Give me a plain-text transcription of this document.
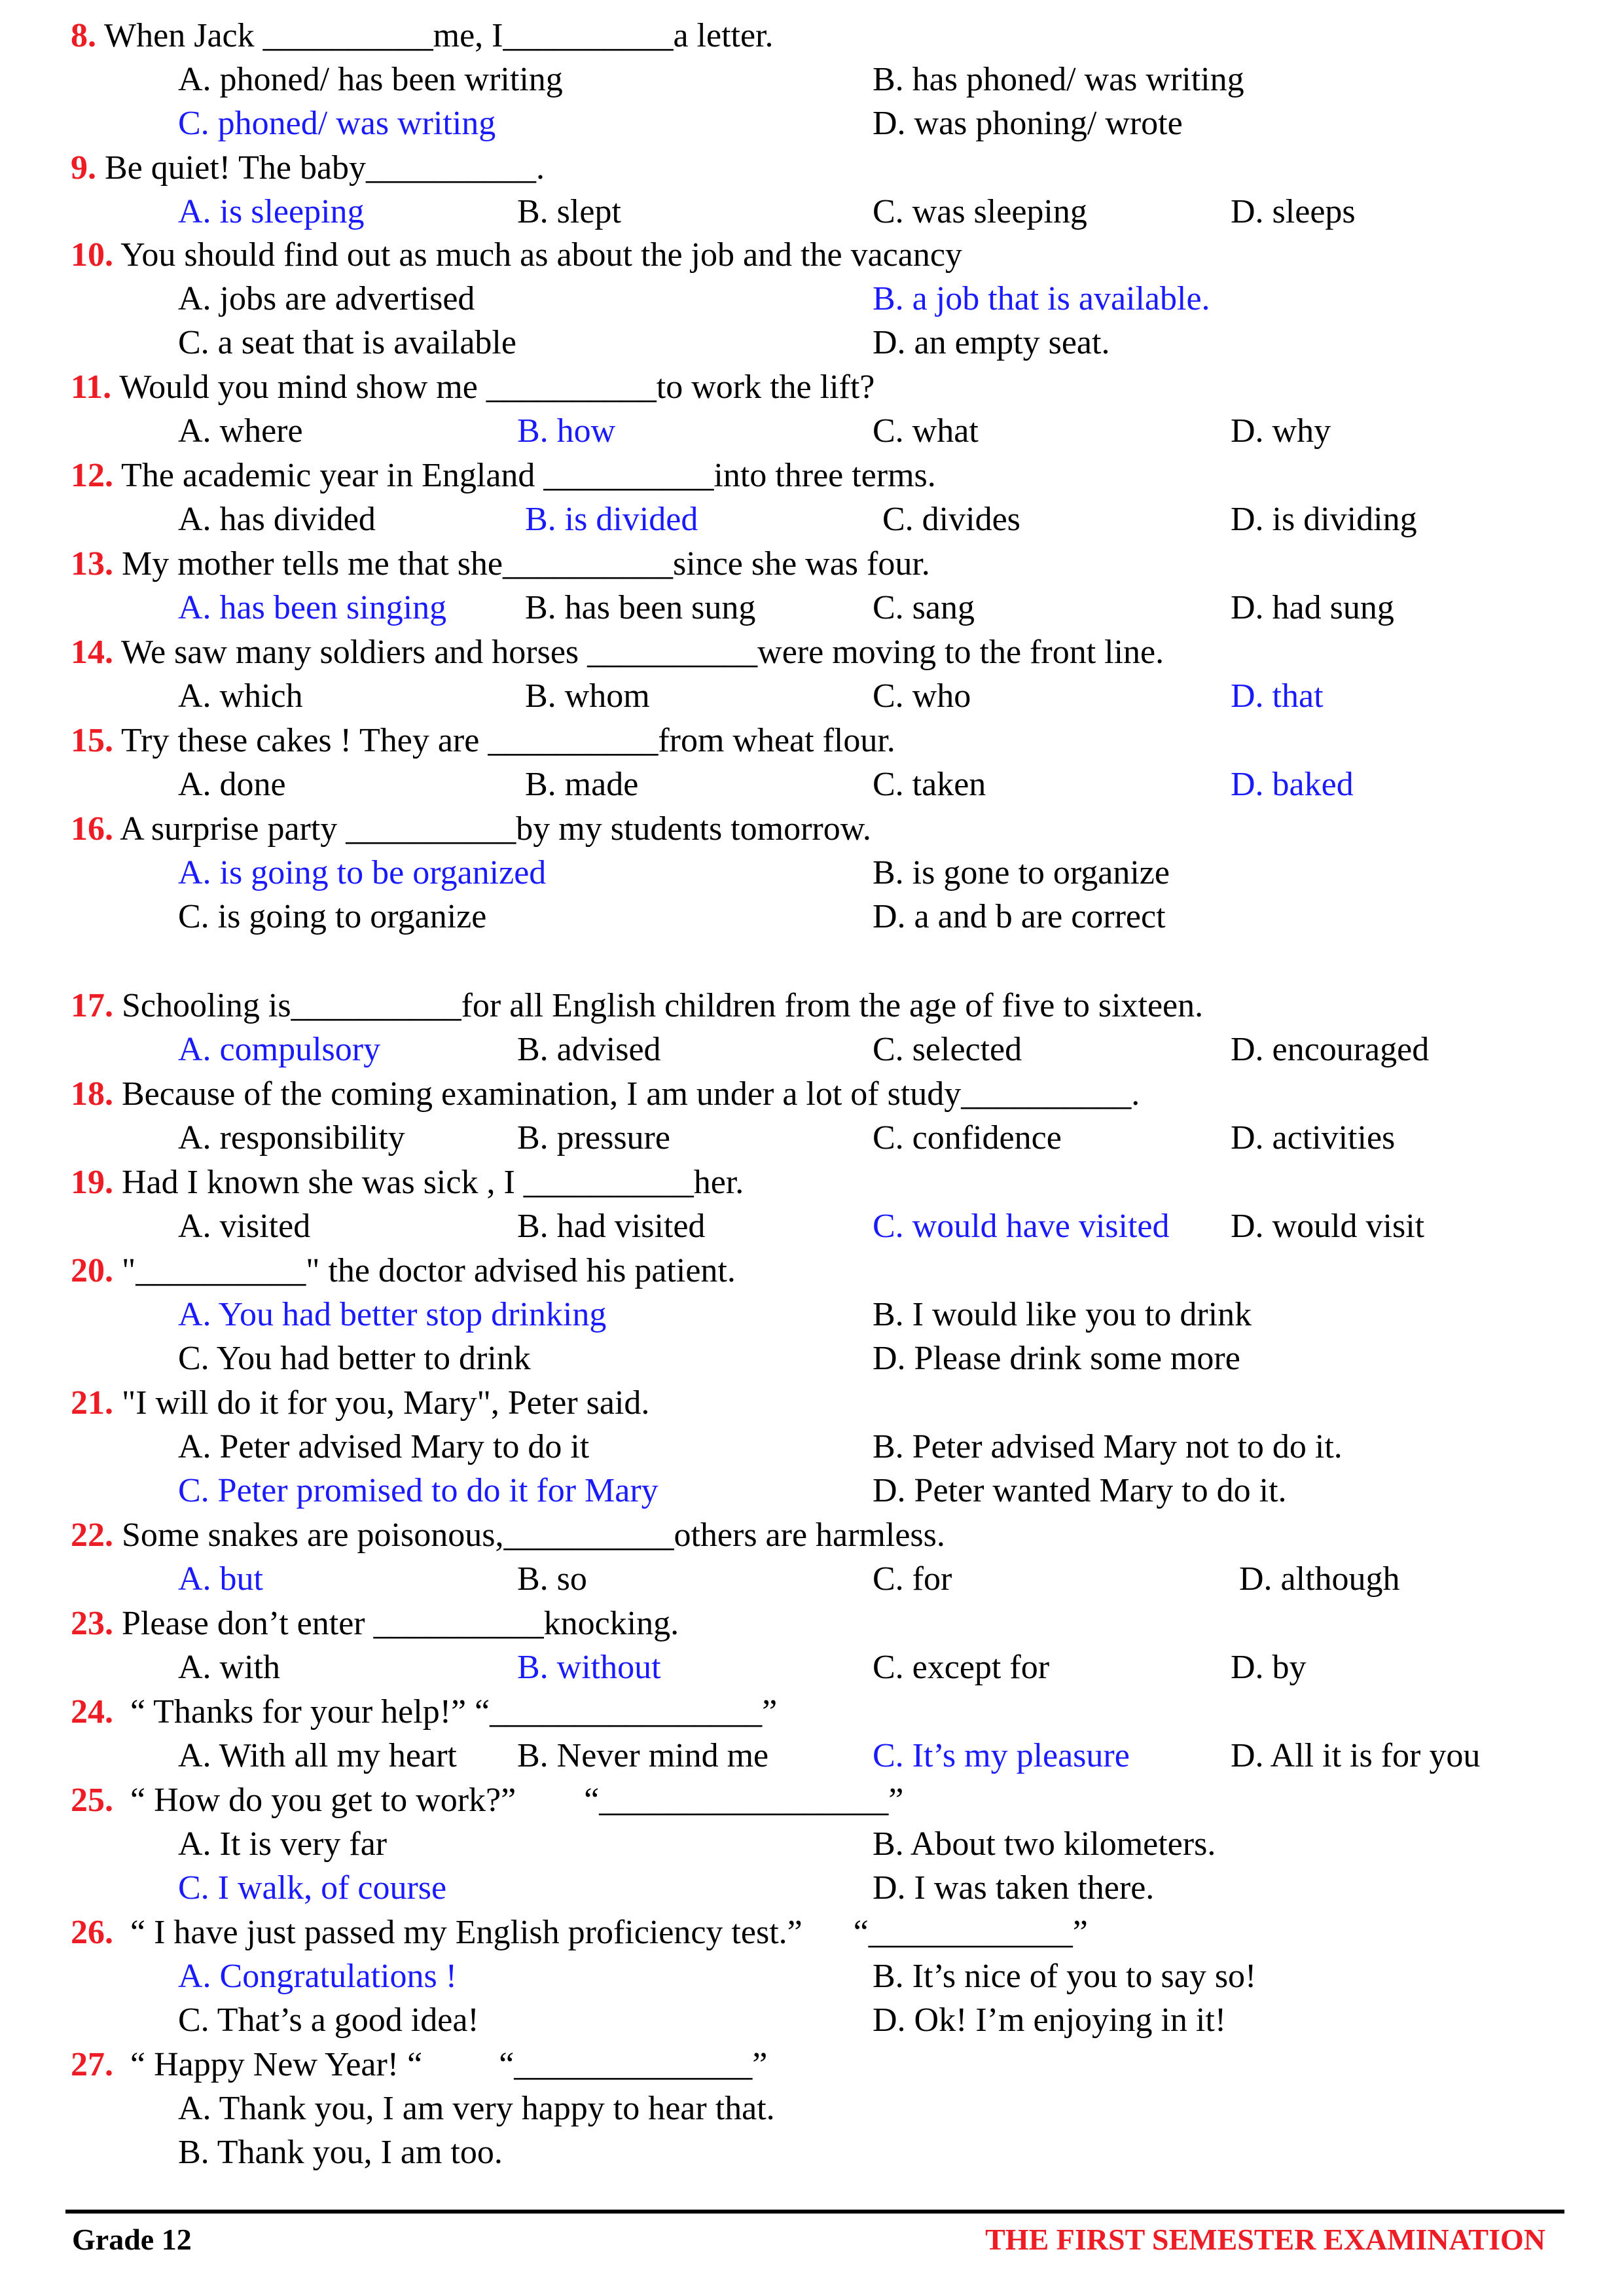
8. When Jack __________me, I__________a letter.
A. phoned/ has been writing	B. has phoned/ was writing
C. phoned/ was writing	D. was phoning/ wrote
9. Be quiet! The baby__________.
A. is sleeping	B. slept	C. was sleeping	D. sleeps
10. You should find out as much as about the job and the vacancy
A. jobs are advertised	B. a job that is available.
C. a seat that is available	D. an empty seat.
11. Would you mind show me __________to work the lift?
A. where	B. how	C. what	D. why
12. The academic year in England __________into three terms.
A. has divided	B. is divided	C. divides	D. is dividing
13. My mother tells me that she__________since she was four.
A. has been singing B. has been sung	C. sang	D. had sung
14. We saw many soldiers and horses __________were moving to the front line.
A. which	B. whom	C. who	D. that
15. Try these cakes ! They are __________from wheat flour.
A. done	B. made	C. taken	D. baked
16. A surprise party __________by my students tomorrow.
A. is going to be organized	B. is gone to organize
C. is going to organize	D. a and b are correct
17. Schooling is__________for all English children from the age of five to sixteen.
A. compulsory	B. advised	C. selected	D. encouraged
18. Because of the coming examination, I am under a lot of study__________.
A. responsibility	B. pressure	C. confidence	D. activities
19. Had I known she was sick , I __________her.
A. visited	B. had visited	C. would have visited D. would visit
20. "__________" the doctor advised his patient.
A. You had better stop drinking	B. I would like you to drink
C. You had better to drink	D. Please drink some more
21. "I will do it for you, Mary", Peter said.
A. Peter advised Mary to do it	B. Peter advised Mary not to do it.
C. Peter promised to do it for Mary	D. Peter wanted Mary to do it.
22. Some snakes are poisonous,__________others are harmless.
A. but	B. so	C. for	D. although
23. Please don’t enter __________knocking.
A. with	B. without	C. except for	D. by
24.  “ Thanks for your help!” “________________”
A. With all my heart B. Never mind me	C. It’s my pleasure	D. All it is for you
25.  “ How do you get to work?”        “_________________”
A. It is very far	B. About two kilometers.
C. I walk, of course	D. I was taken there.
26.  “ I have just passed my English proficiency test.”      “____________”
A. Congratulations !	B. It’s nice of you to say so!
C. That’s a good idea!	D. Ok! I’m enjoying in it!
27.  “ Happy New Year! “         “______________”
A. Thank you, I am very happy to hear that.
B. Thank you, I am too.
Grade 12	THE FIRST SEMESTER EXAMINATION
